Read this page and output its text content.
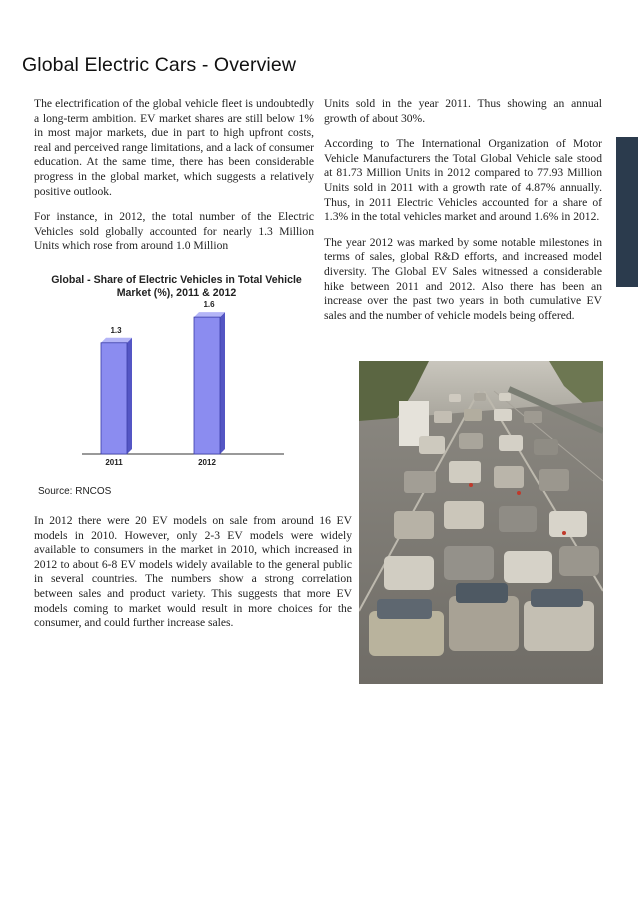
Global Electric Cars - Overview

The electrification of the global vehicle fleet is undoubtedly a long-term ambition. EV market shares are still below 1% in most major markets, due in part to high upfront costs, real and perceived range limitations, and a lack of consumer education. At the same time, there has been considerable progress in the global market, which suggests a relatively positive outlook.

For instance, in 2012, the total number of the Electric Vehicles sold globally accounted for nearly 1.3 Million Units which rose from around 1.0 Million

Global - Share of Electric Vehicles in Total Vehicle Market (%), 2011 & 2012
1.3
2011
1.6
2012
Source: RNCOS

Units sold in the year 2011. Thus showing an annual growth of about 30%.

According to The International Organization of Motor Vehicle Manufacturers the Total Global Vehicle sale stood at 81.73 Million Units in 2012 compared to 77.93 Million Units sold in 2011 with a growth rate of 4.87% annually. Thus, in 2011 Electric Vehicles accounted for a share of 1.3% in the total vehicles market and around 1.6% in 2012.

The year 2012 was marked by some notable milestones in terms of sales, global R&D efforts, and increased model diversity. The Global EV Sales witnessed a considerable hike between 2011 and 2012. Also there has been an increase over the past two years in both cumulative EV sales and the number of vehicle models being offered.

In 2012 there were 20 EV models on sale from around 16 EV models in 2010. However, only 2-3 EV models were widely available to consumers in the market in 2010, which increased in 2012 to about 6-8 EV models widely available to the general public in several countries. The numbers show a strong correlation between sales and product variety. This suggests that more EV models coming to market would result in more choices for the consumer, and could further increase sales.
